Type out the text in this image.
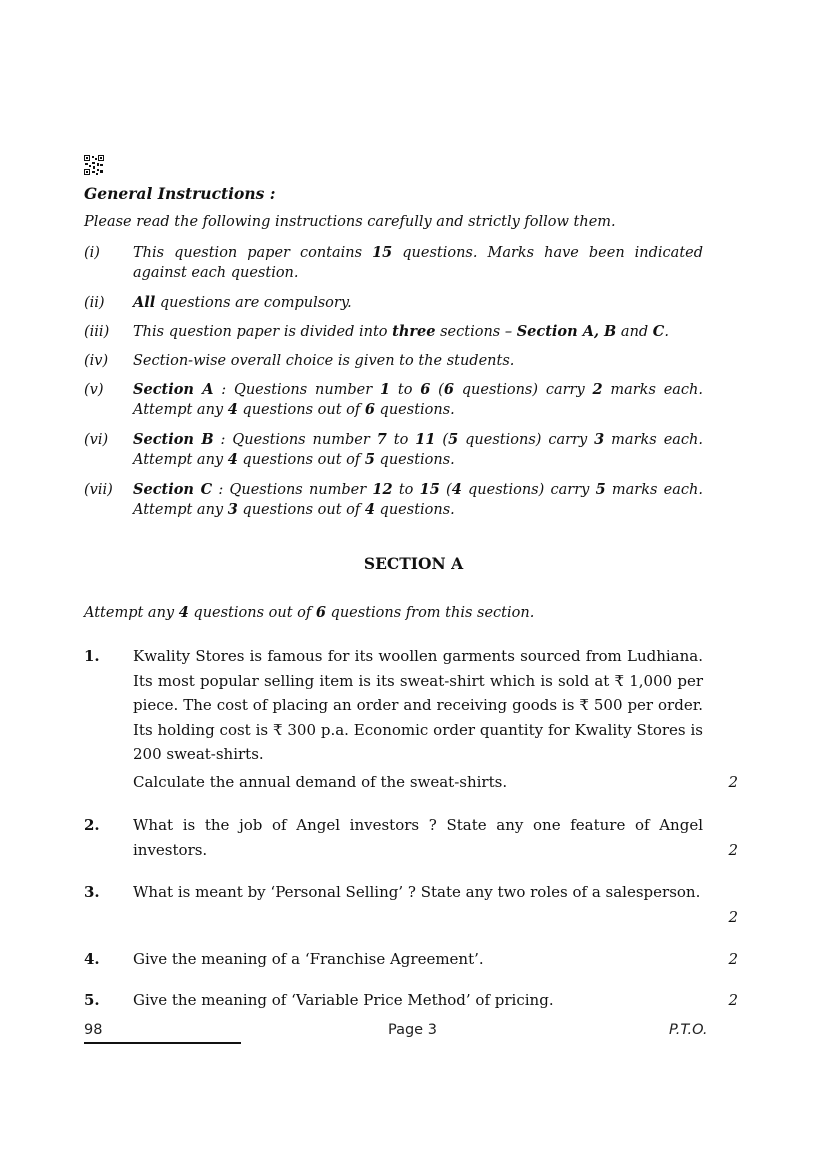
General Instructions :
Please read the following instructions carefully and strictly follow them.
(i)	This question paper contains 15 questions. Marks have been indicated against each question.
(ii)	All questions are compulsory.
(iii)	This question paper is divided into three sections – Section A, B and C.
(iv)	Section-wise overall choice is given to the students.
(v)	Section A : Questions number 1 to 6 (6 questions) carry 2 marks each. Attempt any 4 questions out of 6 questions.
(vi)	Section B : Questions number 7 to 11 (5 questions) carry 3 marks each. Attempt any 4 questions out of 5 questions.
(vii)	Section C : Questions number 12 to 15 (4 questions) carry 5 marks each. Attempt any 3 questions out of 4 questions.
SECTION A
Attempt any 4 questions out of 6 questions from this section.
1. Kwality Stores is famous for its woollen garments sourced from Ludhiana. Its most popular selling item is its sweat-shirt which is sold at ₹ 1,000 per piece. The cost of placing an order and receiving goods is ₹ 500 per order. Its holding cost is ₹ 300 p.a. Economic order quantity for Kwality Stores is 200 sweat-shirts.
Calculate the annual demand of the sweat-shirts.	2
2. What is the job of Angel investors ? State any one feature of Angel investors.	2
3. What is meant by ‘Personal Selling’ ? State any two roles of a salesperson.
2
4. Give the meaning of a ‘Franchise Agreement’.	2
5. Give the meaning of ‘Variable Price Method’ of pricing.	2
98	Page 3	P.T.O.
